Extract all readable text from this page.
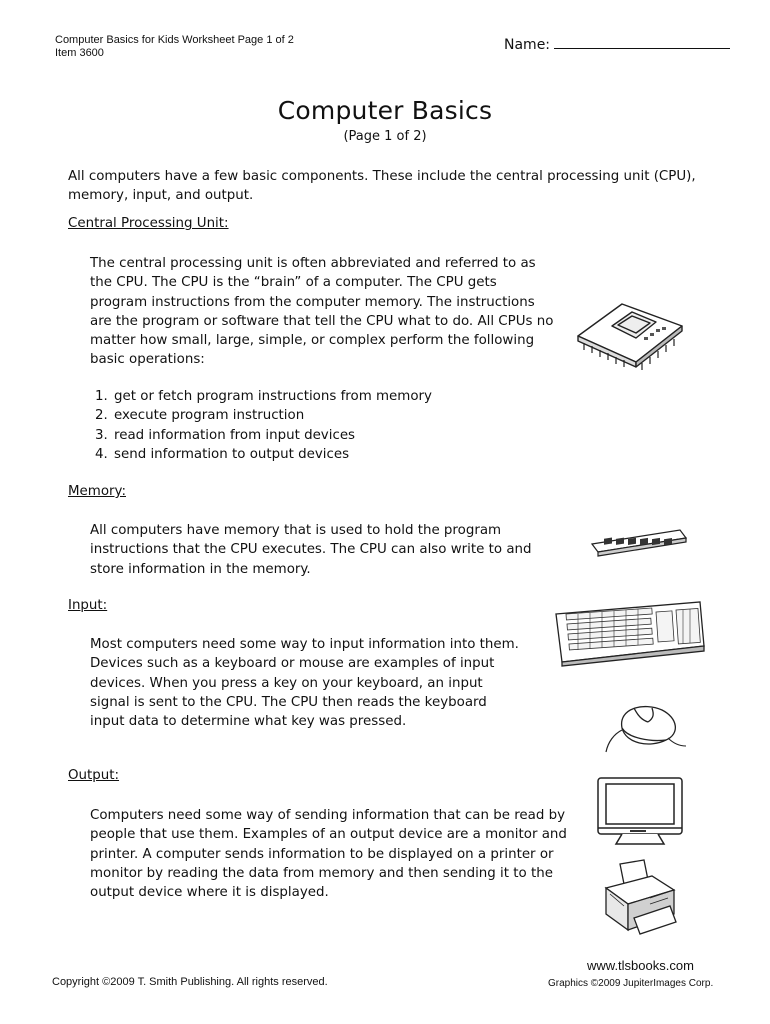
Computer Basics for Kids Worksheet Page 1 of 2
Item 3600	Name:
Computer Basics
(Page 1 of 2)
All computers have a few basic components. These include the central processing unit (CPU), memory, input, and output.
Central Processing Unit:
The central processing unit is often abbreviated and referred to as the CPU. The CPU is the “brain” of a computer. The CPU gets program instructions from the computer memory. The instructions are the program or software that tell the CPU what to do. All CPUs no matter how small, large, simple, or complex perform the following basic operations:
1. get or fetch program instructions from memory
2. execute program instruction
3. read information from input devices
4. send information to output devices
Memory:
All computers have memory that is used to hold the program instructions that the CPU executes. The CPU can also write to and store information in the memory.
Input:
Most computers need some way to input information into them. Devices such as a keyboard or mouse are examples of input devices. When you press a key on your keyboard, an input signal is sent to the CPU. The CPU then reads the keyboard input data to determine what key was pressed.
Output:
Computers need some way of sending information that can be read by people that use them. Examples of an output device are a monitor and printer. A computer sends information to be displayed on a printer or monitor by reading the data from memory and then sending it to the output device where it is displayed.
Copyright ©2009 T. Smith Publishing. All rights reserved.
www.tlsbooks.com
Graphics ©2009 JupiterImages Corp.
